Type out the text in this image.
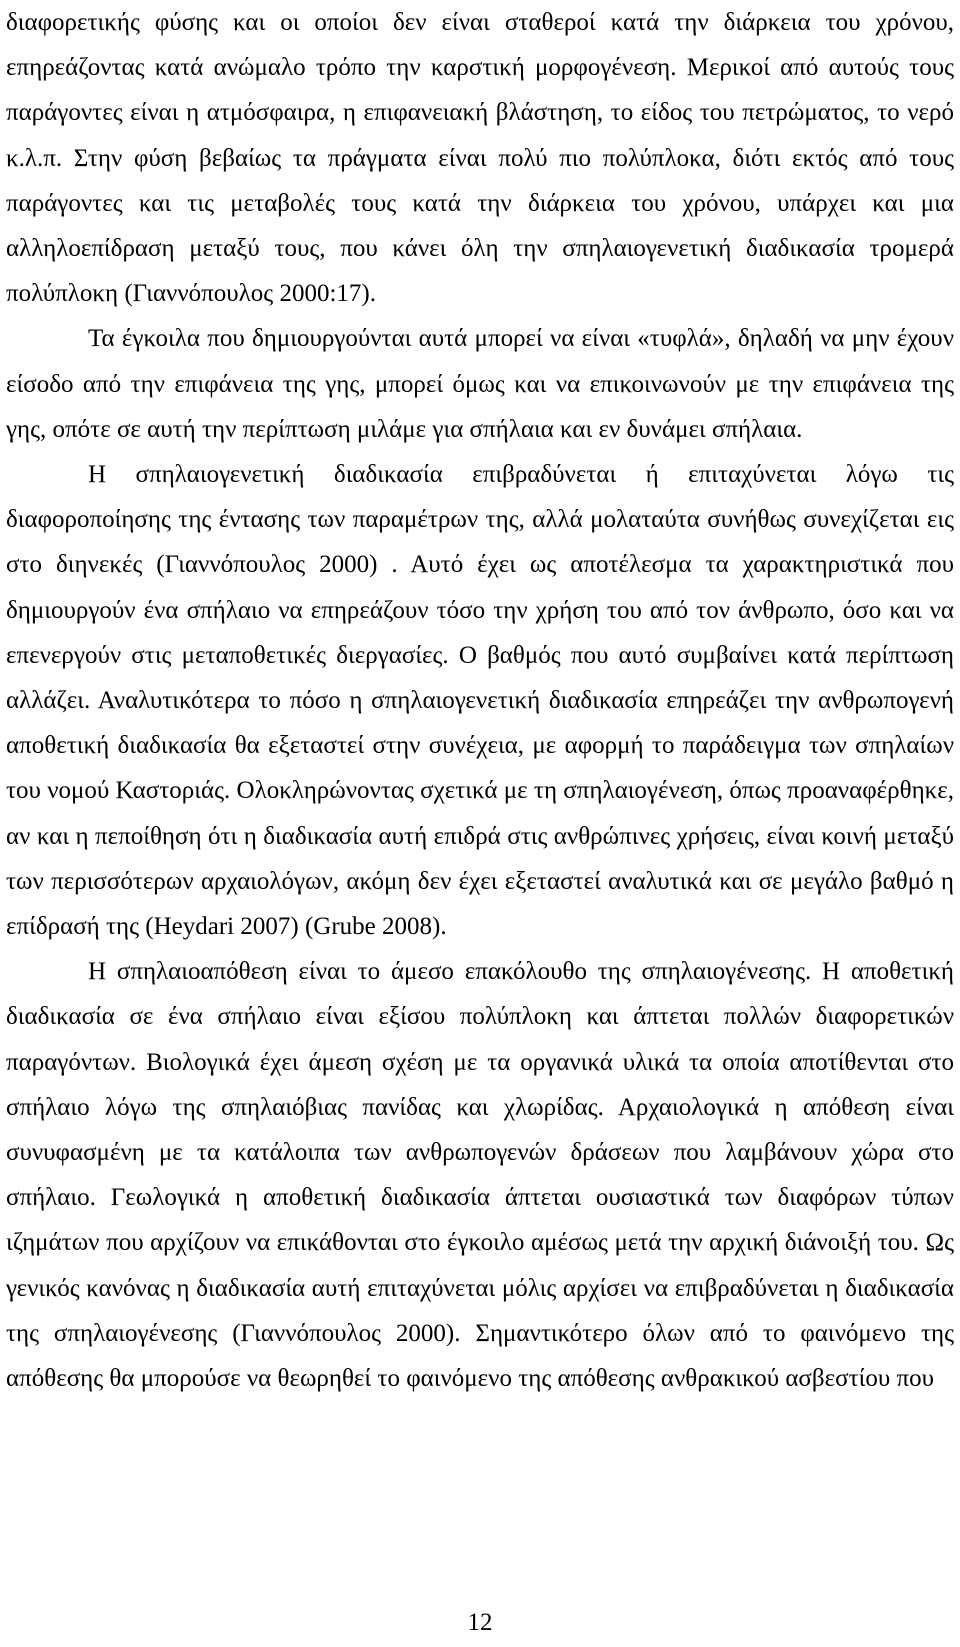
διαφορετικής φύσης και οι οποίοι δεν είναι σταθεροί κατά την διάρκεια του χρόνου, επηρεάζοντας κατά ανώμαλο τρόπο την καρστική μορφογένεση. Μερικοί από αυτούς τους παράγοντες είναι η ατμόσφαιρα, η επιφανειακή βλάστηση, το είδος του πετρώματος, το νερό κ.λ.π. Στην φύση βεβαίως τα πράγματα είναι πολύ πιο πολύπλοκα, διότι εκτός από τους παράγοντες και τις μεταβολές τους κατά την διάρκεια του χρόνου, υπάρχει και μια αλληλοεπίδραση μεταξύ τους, που κάνει όλη την σπηλαιογενετική διαδικασία τρομερά πολύπλοκη (Γιαννόπουλος 2000:17).

Τα έγκοιλα που δημιουργούνται αυτά μπορεί να είναι «τυφλά», δηλαδή να μην έχουν είσοδο από την επιφάνεια της γης, μπορεί όμως και να επικοινωνούν με την επιφάνεια της γης, οπότε σε αυτή την περίπτωση μιλάμε για σπήλαια και εν δυνάμει σπήλαια.

Η σπηλαιογενετική διαδικασία επιβραδύνεται ή επιταχύνεται λόγω τις διαφοροποίησης της έντασης των παραμέτρων της, αλλά μολαταύτα συνήθως συνεχίζεται εις στο διηνεκές (Γιαννόπουλος 2000) . Αυτό έχει ως αποτέλεσμα τα χαρακτηριστικά που δημιουργούν ένα σπήλαιο να επηρεάζουν τόσο την χρήση του από τον άνθρωπο, όσο και να επενεργούν στις μεταποθετικές διεργασίες. Ο βαθμός που αυτό συμβαίνει κατά περίπτωση αλλάζει. Αναλυτικότερα το πόσο η σπηλαιογενετική διαδικασία επηρεάζει την ανθρωπογενή αποθετική διαδικασία θα εξεταστεί στην συνέχεια, με αφορμή το παράδειγμα των σπηλαίων του νομού Καστοριάς. Ολοκληρώνοντας σχετικά με τη σπηλαιογένεση, όπως προαναφέρθηκε, αν και η πεποίθηση ότι η διαδικασία αυτή επιδρά στις ανθρώπινες χρήσεις, είναι κοινή μεταξύ των περισσότερων αρχαιολόγων, ακόμη δεν έχει εξεταστεί αναλυτικά και σε μεγάλο βαθμό η επίδρασή της (Heydari 2007) (Grube 2008).

Η σπηλαιοαπόθεση είναι το άμεσο επακόλουθο της σπηλαιογένεσης. Η αποθετική διαδικασία σε ένα σπήλαιο είναι εξίσου πολύπλοκη και άπτεται πολλών διαφορετικών παραγόντων. Βιολογικά έχει άμεση σχέση με τα οργανικά υλικά τα οποία αποτίθενται στο σπήλαιο λόγω της σπηλαιόβιας πανίδας και χλωρίδας. Αρχαιολογικά η απόθεση είναι συνυφασμένη με τα κατάλοιπα των ανθρωπογενών δράσεων που λαμβάνουν χώρα στο σπήλαιο. Γεωλογικά η αποθετική διαδικασία άπτεται ουσιαστικά των διαφόρων τύπων ιζημάτων που αρχίζουν να επικάθονται στο έγκοιλο αμέσως μετά την αρχική διάνοιξή του. Ως γενικός κανόνας η διαδικασία αυτή επιταχύνεται μόλις αρχίσει να επιβραδύνεται η διαδικασία της σπηλαιογένεσης (Γιαννόπουλος 2000). Σημαντικότερο όλων από το φαινόμενο της απόθεσης θα μπορούσε να θεωρηθεί το φαινόμενο της απόθεσης ανθρακικού ασβεστίου που

12
